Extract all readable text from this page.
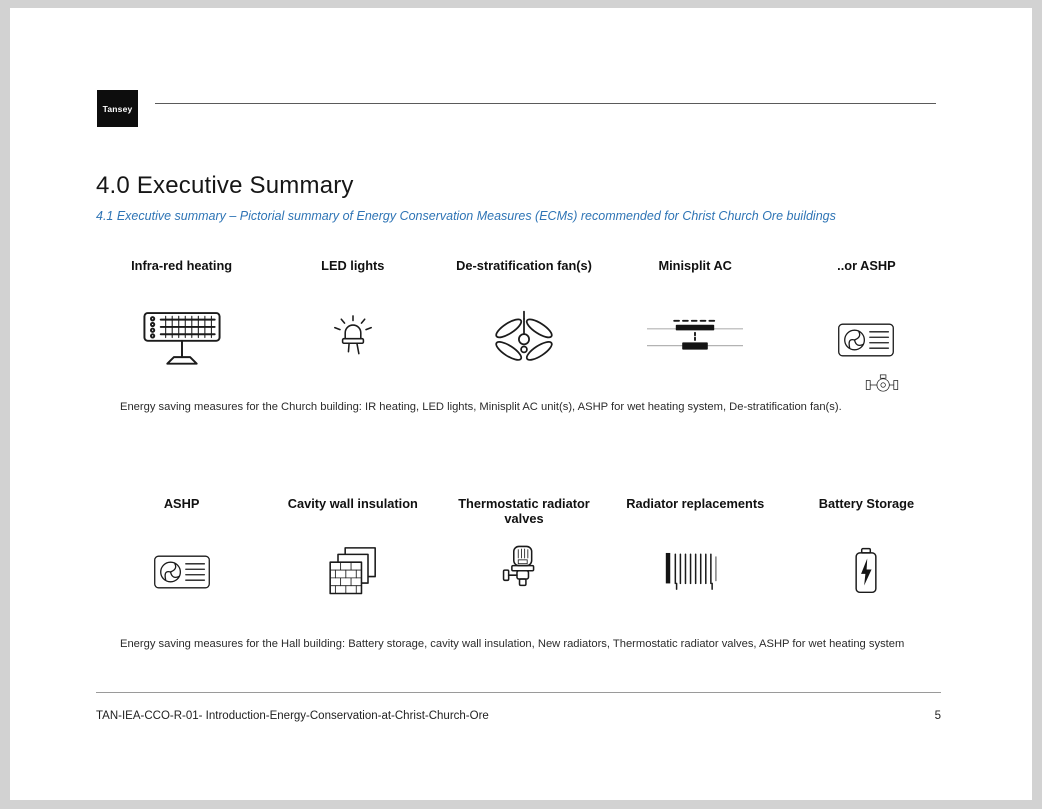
Tansey
4.0 Executive Summary
4.1 Executive summary – Pictorial summary of Energy Conservation Measures (ECMs) recommended for Christ Church Ore buildings
Infra-red heating	LED lights	De-stratification fan(s)	Minisplit AC	..or ASHP
Energy saving measures for the Church building: IR heating, LED lights, Minisplit AC unit(s), ASHP for wet heating system, De-stratification fan(s).
ASHP	Cavity wall insulation	Thermostatic radiator valves
Radiator replacements	Battery Storage
Energy saving measures for the Hall building: Battery storage, cavity wall insulation, New radiators, Thermostatic radiator valves, ASHP for wet heating system
TAN-IEA-CCO-R-01- Introduction-Energy-Conservation-at-Christ-Church-Ore	5
